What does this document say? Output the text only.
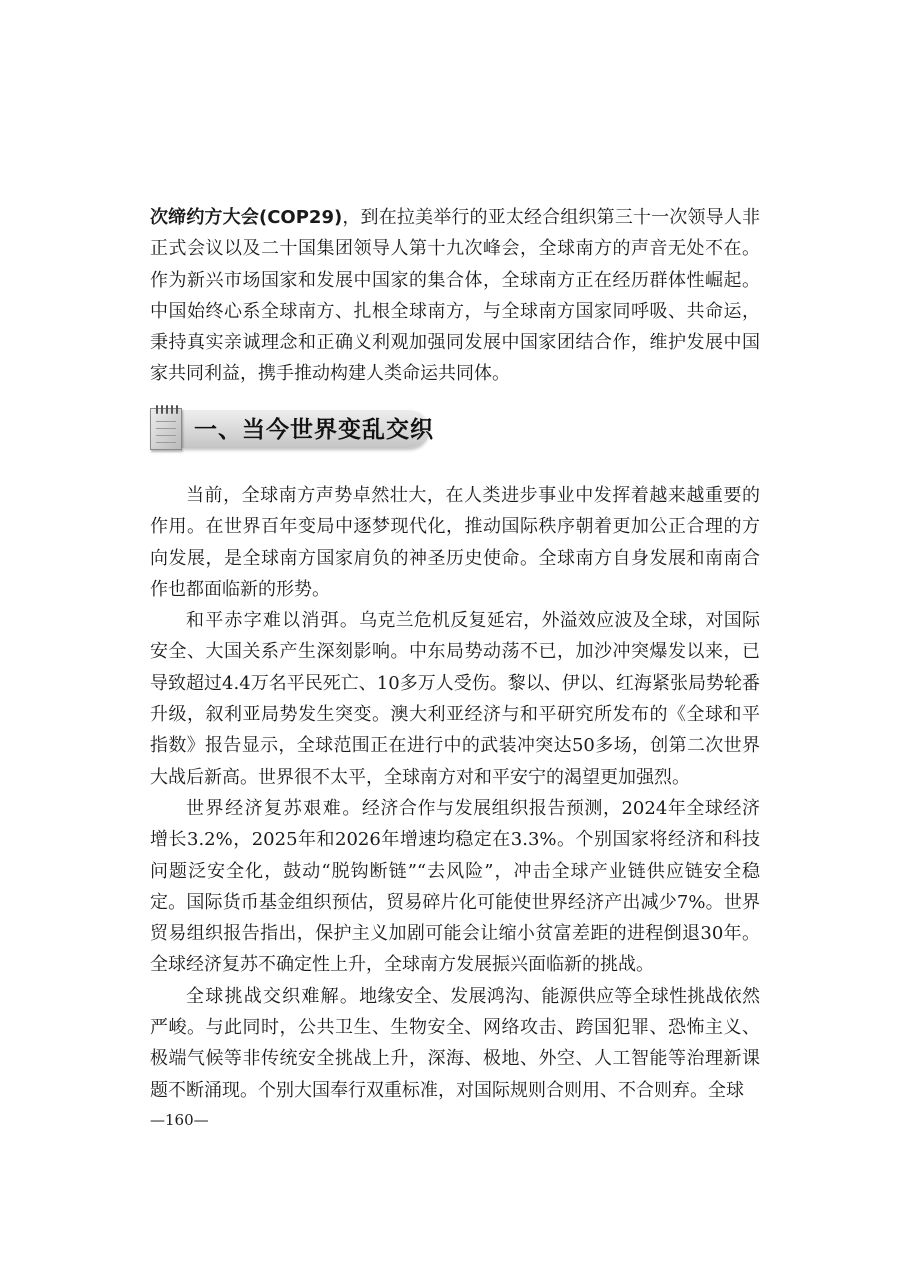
次缔约方大会(COP29)，到在拉美举行的亚太经合组织第三十一次领导人非正式会议以及二十国集团领导人第十九次峰会，全球南方的声音无处不在。作为新兴市场国家和发展中国家的集合体，全球南方正在经历群体性崛起。中国始终心系全球南方、扎根全球南方，与全球南方国家同呼吸、共命运，秉持真实亲诚理念和正确义利观加强同发展中国家团结合作，维护发展中国家共同利益，携手推动构建人类命运共同体。

一、当今世界变乱交织

当前，全球南方声势卓然壮大，在人类进步事业中发挥着越来越重要的作用。在世界百年变局中逐梦现代化，推动国际秩序朝着更加公正合理的方向发展，是全球南方国家肩负的神圣历史使命。全球南方自身发展和南南合作也都面临新的形势。

和平赤字难以消弭。乌克兰危机反复延宕，外溢效应波及全球，对国际安全、大国关系产生深刻影响。中东局势动荡不已，加沙冲突爆发以来，已导致超过4.4万名平民死亡、10多万人受伤。黎以、伊以、红海紧张局势轮番升级，叙利亚局势发生突变。澳大利亚经济与和平研究所发布的《全球和平指数》报告显示，全球范围正在进行中的武装冲突达50多场，创第二次世界大战后新高。世界很不太平，全球南方对和平安宁的渴望更加强烈。

世界经济复苏艰难。经济合作与发展组织报告预测，2024年全球经济增长3.2%，2025年和2026年增速均稳定在3.3%。个别国家将经济和科技问题泛安全化，鼓动“脱钩断链”“去风险”，冲击全球产业链供应链安全稳定。国际货币基金组织预估，贸易碎片化可能使世界经济产出减少7%。世界贸易组织报告指出，保护主义加剧可能会让缩小贫富差距的进程倒退30年。全球经济复苏不确定性上升，全球南方发展振兴面临新的挑战。

全球挑战交织难解。地缘安全、发展鸿沟、能源供应等全球性挑战依然严峻。与此同时，公共卫生、生物安全、网络攻击、跨国犯罪、恐怖主义、极端气候等非传统安全挑战上升，深海、极地、外空、人工智能等治理新课题不断涌现。个别大国奉行双重标准，对国际规则合则用、不合则弃。全球

—160—
